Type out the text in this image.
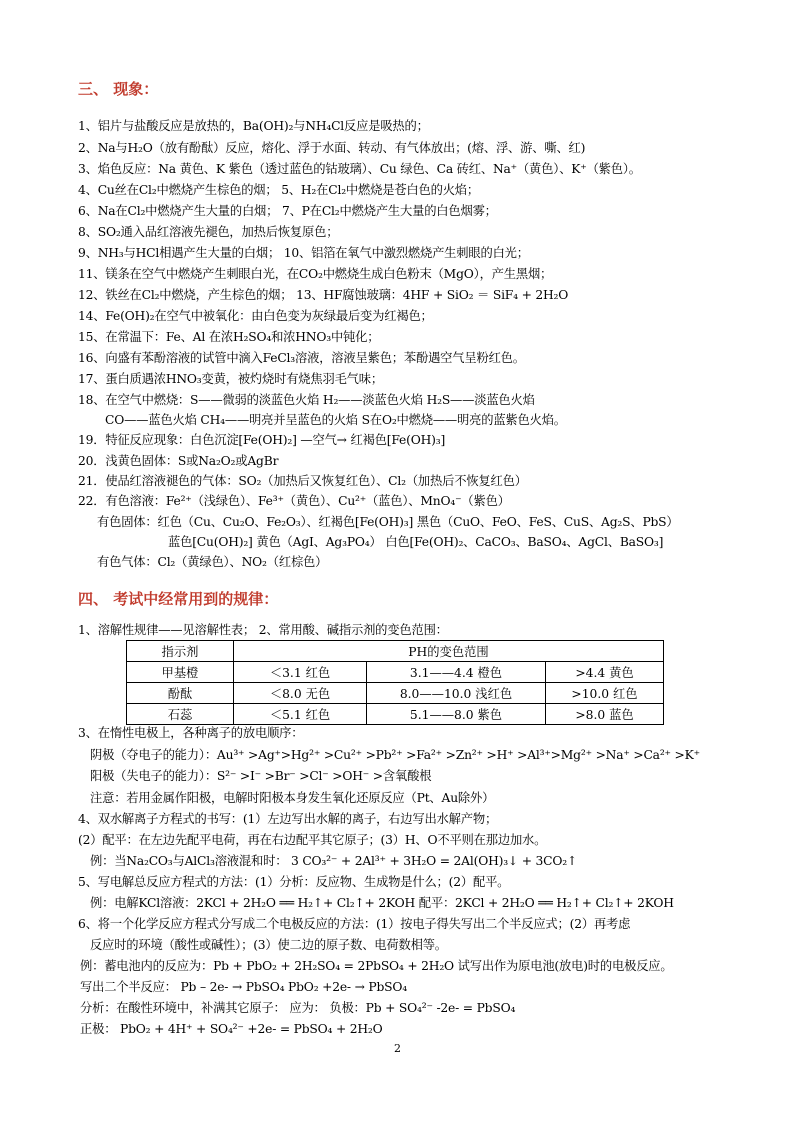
三、 现象：
1、铝片与盐酸反应是放热的，Ba(OH)₂与NH₄Cl反应是吸热的；
2、Na与H₂O（放有酚酞）反应，熔化、浮于水面、转动、有气体放出；(熔、浮、游、嘶、红)
3、焰色反应：Na 黄色、K 紫色（透过蓝色的钴玻璃）、Cu 绿色、Ca 砖红、Na⁺（黄色）、K⁺（紫色）。
4、Cu丝在Cl₂中燃烧产生棕色的烟； 5、H₂在Cl₂中燃烧是苍白色的火焰；
6、Na在Cl₂中燃烧产生大量的白烟； 7、P在Cl₂中燃烧产生大量的白色烟雾；
8、SO₂通入品红溶液先褪色，加热后恢复原色；
9、NH₃与HCl相遇产生大量的白烟； 10、铝箔在氧气中激烈燃烧产生刺眼的白光；
11、镁条在空气中燃烧产生刺眼白光，在CO₂中燃烧生成白色粉末（MgO），产生黑烟；
12、铁丝在Cl₂中燃烧，产生棕色的烟； 13、HF腐蚀玻璃：4HF + SiO₂ ＝ SiF₄ + 2H₂O
14、Fe(OH)₂在空气中被氧化：由白色变为灰绿最后变为红褐色；
15、在常温下：Fe、Al 在浓H₂SO₄和浓HNO₃中钝化；
16、向盛有苯酚溶液的试管中滴入FeCl₃溶液，溶液呈紫色；苯酚遇空气呈粉红色。
17、蛋白质遇浓HNO₃变黄，被灼烧时有烧焦羽毛气味；
18、在空气中燃烧：S——微弱的淡蓝色火焰 H₂——淡蓝色火焰 H₂S——淡蓝色火焰
CO——蓝色火焰 CH₄——明亮并呈蓝色的火焰 S在O₂中燃烧——明亮的蓝紫色火焰。
19．特征反应现象：白色沉淀[Fe(OH)₂] —空气→ 红褐色[Fe(OH)₃]
20．浅黄色固体：S或Na₂O₂或AgBr
21．使品红溶液褪色的气体：SO₂（加热后又恢复红色）、Cl₂（加热后不恢复红色）
22．有色溶液：Fe²⁺（浅绿色）、Fe³⁺（黄色）、Cu²⁺（蓝色）、MnO₄⁻（紫色）
有色固体：红色（Cu、Cu₂O、Fe₂O₃）、红褐色[Fe(OH)₃] 黑色（CuO、FeO、FeS、CuS、Ag₂S、PbS）
蓝色[Cu(OH)₂] 黄色（AgI、Ag₃PO₄） 白色[Fe(OH)₂、CaCO₃、BaSO₄、AgCl、BaSO₃]
有色气体：Cl₂（黄绿色）、NO₂（红棕色）
四、 考试中经常用到的规律：
1、溶解性规律——见溶解性表； 2、常用酸、碱指示剂的变色范围：
指示剂	PH的变色范围		
甲基橙	＜3.1 红色	3.1——4.4 橙色	>4.4 黄色
酚酞	＜8.0 无色	8.0——10.0 浅红色	>10.0 红色
石蕊	＜5.1 红色	5.1——8.0 紫色	>8.0 蓝色
3、在惰性电极上，各种离子的放电顺序：
阴极（夺电子的能力）：Au³⁺ >Ag⁺>Hg²⁺ >Cu²⁺ >Pb²⁺ >Fa²⁺ >Zn²⁺ >H⁺ >Al³⁺>Mg²⁺ >Na⁺ >Ca²⁺ >K⁺
阳极（失电子的能力）：S²⁻ >I⁻ >Br⁻ >Cl⁻ >OH⁻ >含氧酸根
注意：若用金属作阳极，电解时阳极本身发生氧化还原反应（Pt、Au除外）
4、双水解离子方程式的书写：(1）左边写出水解的离子，右边写出水解产物；
(2）配平：在左边先配平电荷，再在右边配平其它原子；(3）H、O不平则在那边加水。
例：当Na₂CO₃与AlCl₃溶液混和时： 3 CO₃²⁻ + 2Al³⁺ + 3H₂O = 2Al(OH)₃↓ + 3CO₂↑
5、写电解总反应方程式的方法：(1）分析：反应物、生成物是什么；(2）配平。
例：电解KCl溶液：2KCl + 2H₂O ══ H₂↑+ Cl₂↑+ 2KOH 配平：2KCl + 2H₂O ══ H₂↑+ Cl₂↑+ 2KOH
6、将一个化学反应方程式分写成二个电极反应的方法：(1）按电子得失写出二个半反应式；(2）再考虑
反应时的环境（酸性或碱性）；(3）使二边的原子数、电荷数相等。
例：蓄电池内的反应为：Pb + PbO₂ + 2H₂SO₄ = 2PbSO₄ + 2H₂O 试写出作为原电池(放电)时的电极反应。
写出二个半反应： Pb – 2e- → PbSO₄ PbO₂ +2e- → PbSO₄
分析：在酸性环境中，补满其它原子： 应为： 负极：Pb + SO₄²⁻ -2e- = PbSO₄
正极： PbO₂ + 4H⁺ + SO₄²⁻ +2e- = PbSO₄ + 2H₂O
2
